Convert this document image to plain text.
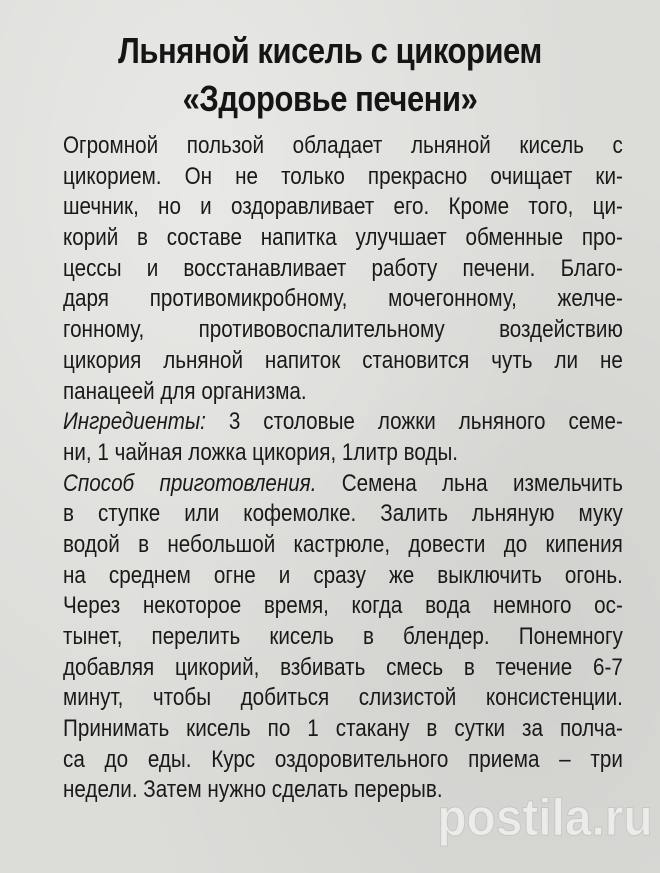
Льняной кисель с цикорием
«Здоровье печени»
Огромной пользой обладает льняной кисель с
цикорием. Он не только прекрасно очищает ки-
шечник, но и оздоравливает его. Кроме того, ци-
корий в составе напитка улучшает обменные про-
цессы и восстанавливает работу печени. Благо-
даря противомикробному, мочегонному, желче-
гонному, противовоспалительному воздействию
цикория льняной напиток становится чуть ли не
панацеей для организма.
Ингредиенты: 3 столовые ложки льняного семе-
ни, 1 чайная ложка цикория, 1литр воды.
Способ приготовления. Семена льна измельчить
в ступке или кофемолке. Залить льняную муку
водой в небольшой кастрюле, довести до кипения
на среднем огне и сразу же выключить огонь.
Через некоторое время, когда вода немного ос-
тынет, перелить кисель в блендер. Понемногу
добавляя цикорий, взбивать смесь в течение 6-7
минут, чтобы добиться слизистой консистенции.
Принимать кисель по 1 стакану в сутки за полча-
са до еды. Курс оздоровительного приема – три
недели. Затем нужно сделать перерыв.
postila.ru
